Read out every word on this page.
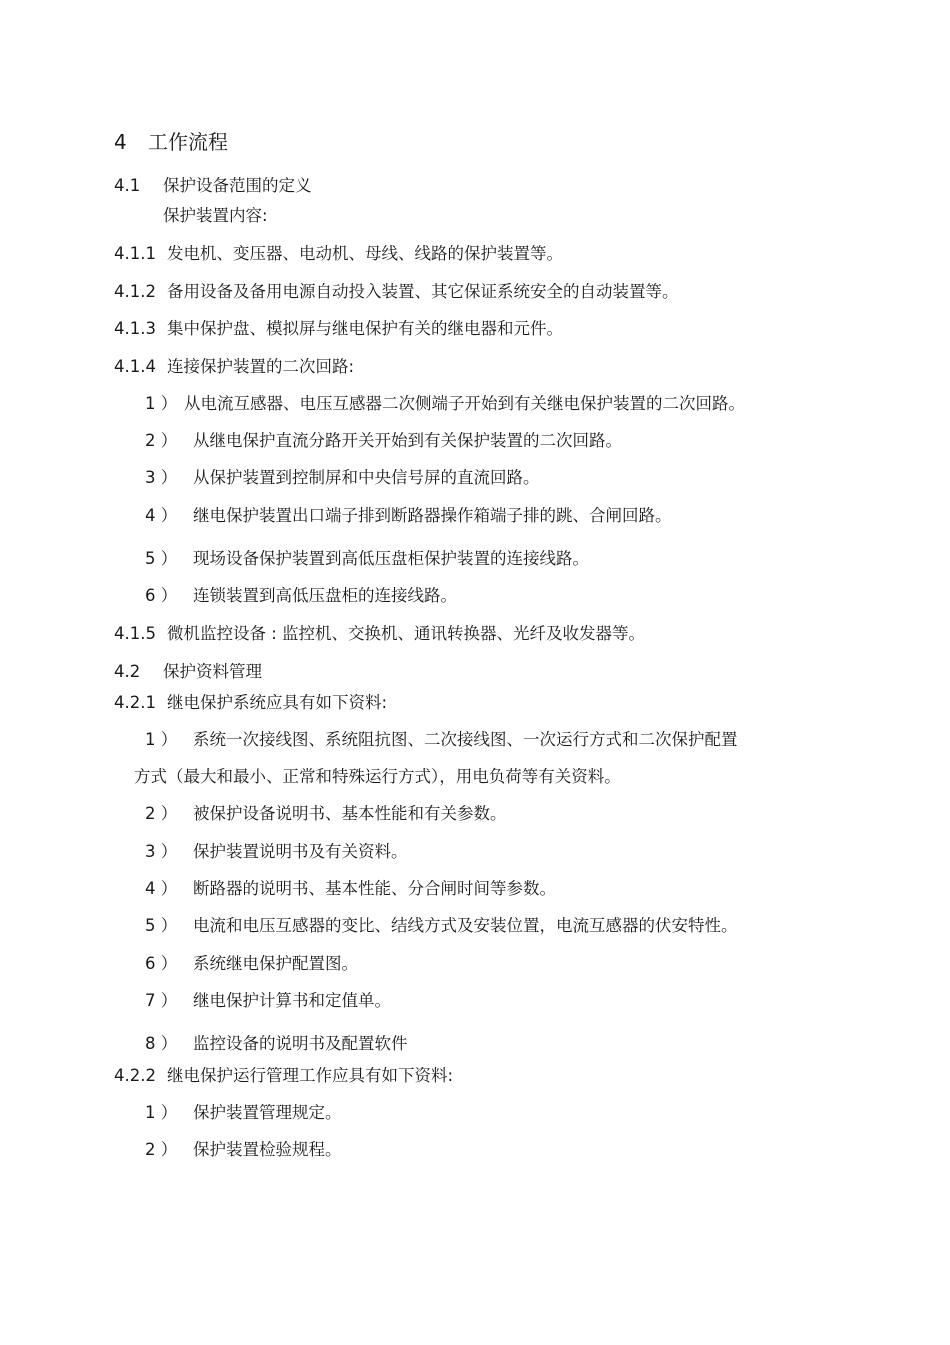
4 工作流程
4.1 保护设备范围的定义
保护装置内容:
4.1.1 发电机、变压器、电动机、母线、线路的保护装置等。
4.1.2 备用设备及备用电源自动投入装置、其它保证系统安全的自动装置等。
4.1.3 集中保护盘、模拟屏与继电保护有关的继电器和元件。
4.1.4 连接保护装置的二次回路:
1 ） 从电流互感器、电压互感器二次侧端子开始到有关继电保护装置的二次回路。
2 ） 从继电保护直流分路开关开始到有关保护装置的二次回路。
3 ） 从保护装置到控制屏和中央信号屏的直流回路。
4 ） 继电保护装置出口端子排到断路器操作箱端子排的跳、合闸回路。
5 ） 现场设备保护装置到高低压盘柜保护装置的连接线路。
6 ） 连锁装置到高低压盘柜的连接线路。
4.1.5 微机监控设备 : 监控机、交换机、通讯转换器、光纤及收发器等。
4.2 保护资料管理
4.2.1 继电保护系统应具有如下资料:
1 ） 系统一次接线图、系统阻抗图、二次接线图、一次运行方式和二次保护配置
方式（最大和最小、正常和特殊运行方式），用电负荷等有关资料。
2 ） 被保护设备说明书、基本性能和有关参数。
3 ） 保护装置说明书及有关资料。
4 ） 断路器的说明书、基本性能、分合闸时间等参数。
5 ） 电流和电压互感器的变比、结线方式及安装位置，电流互感器的伏安特性。
6 ） 系统继电保护配置图。
7 ） 继电保护计算书和定值单。
8 ） 监控设备的说明书及配置软件
4.2.2 继电保护运行管理工作应具有如下资料:
1 ） 保护装置管理规定。
2 ） 保护装置检验规程。
